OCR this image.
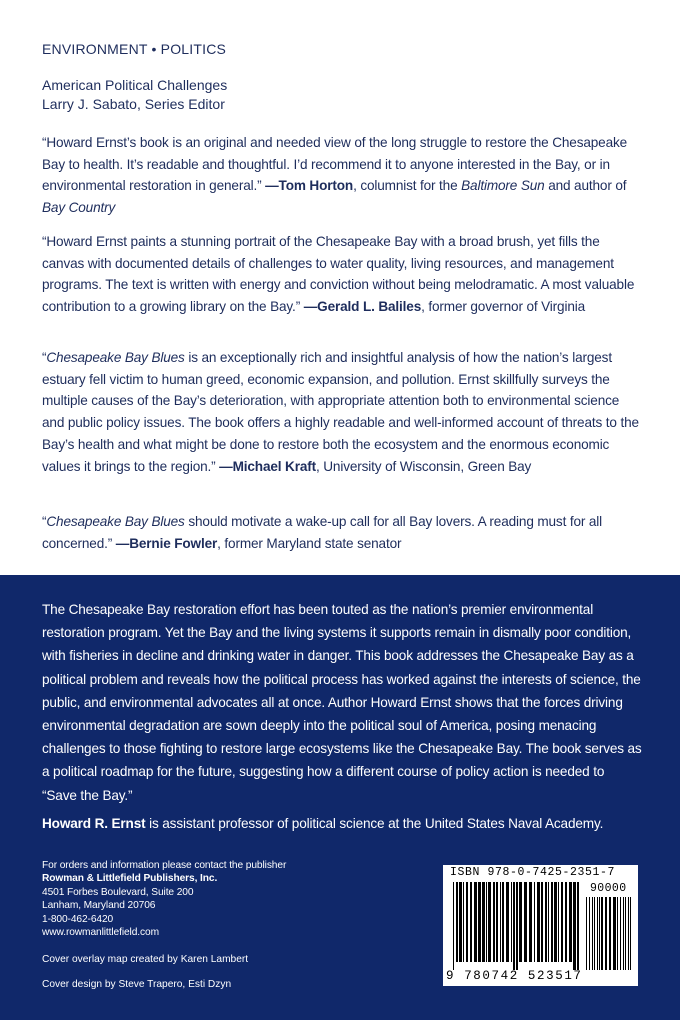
ENVIRONMENT • POLITICS
American Political Challenges
Larry J. Sabato, Series Editor

“Howard Ernst’s book is an original and needed view of the long struggle to restore the Chesapeake Bay to health. It’s readable and thoughtful. I’d recommend it to anyone interested in the Bay, or in environmental restoration in general.” —Tom Horton, columnist for the Baltimore Sun and author of Bay Country

“Howard Ernst paints a stunning portrait of the Chesapeake Bay with a broad brush, yet fills the canvas with documented details of challenges to water quality, living resources, and management programs. The text is written with energy and conviction without being melodramatic. A most valuable contribution to a growing library on the Bay.” —Gerald L. Baliles, former governor of Virginia

“Chesapeake Bay Blues is an exceptionally rich and insightful analysis of how the nation’s largest estuary fell victim to human greed, economic expansion, and pollution. Ernst skillfully surveys the multiple causes of the Bay’s deterioration, with appropriate attention both to environmental science and public policy issues. The book offers a highly readable and well-informed account of threats to the Bay’s health and what might be done to restore both the ecosystem and the enormous economic values it brings to the region.” —Michael Kraft, University of Wisconsin, Green Bay

“Chesapeake Bay Blues should motivate a wake-up call for all Bay lovers. A reading must for all concerned.” —Bernie Fowler, former Maryland state senator

The Chesapeake Bay restoration effort has been touted as the nation’s premier environmental restoration program. Yet the Bay and the living systems it supports remain in dismally poor condition, with fisheries in decline and drinking water in danger. This book addresses the Chesapeake Bay as a political problem and reveals how the political process has worked against the interests of science, the public, and environmental advocates all at once. Author Howard Ernst shows that the forces driving environmental degradation are sown deeply into the political soul of America, posing menacing challenges to those fighting to restore large ecosystems like the Chesapeake Bay. The book serves as a political roadmap for the future, suggesting how a different course of policy action is needed to “Save the Bay.”

Howard R. Ernst is assistant professor of political science at the United States Naval Academy.

For orders and information please contact the publisher
Rowman & Littlefield Publishers, Inc.
4501 Forbes Boulevard, Suite 200
Lanham, Maryland 20706
1-800-462-6420
www.rowmanlittlefield.com
Cover overlay map created by Karen Lambert
Cover design by Steve Trapero, Esti Dzyn
ISBN 978-0-7425-2351-7
90000
9 780742 523517
